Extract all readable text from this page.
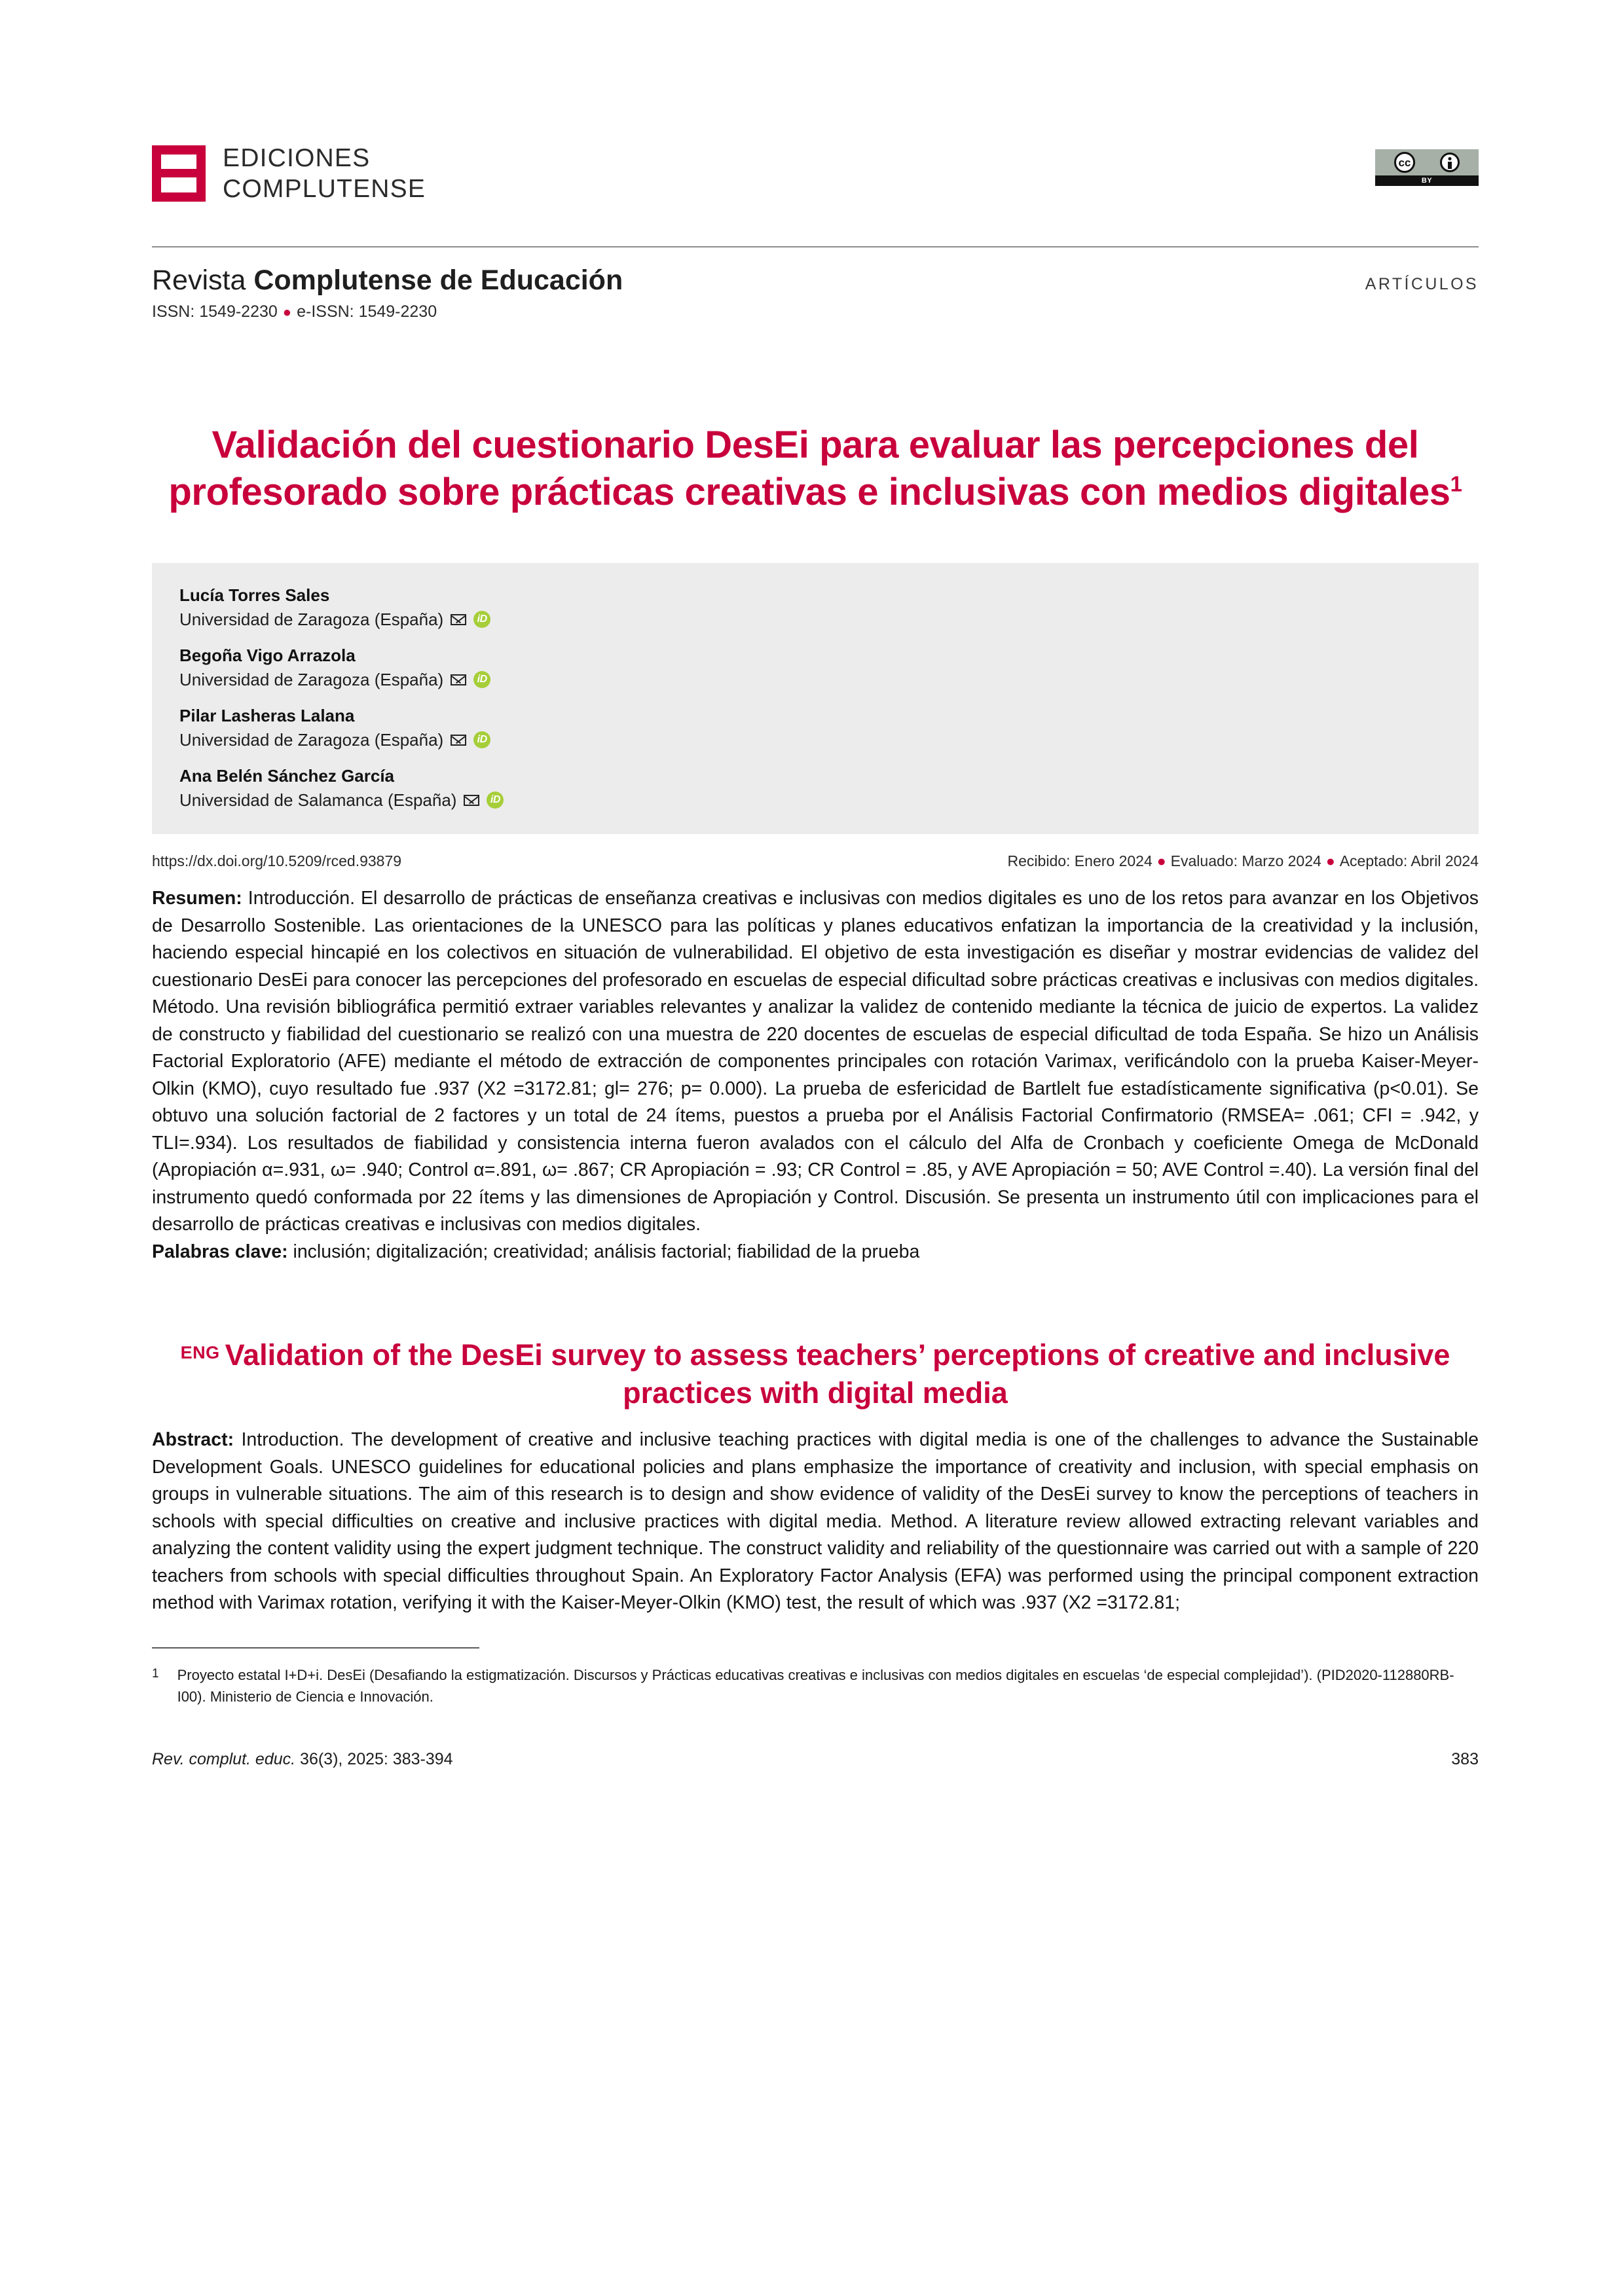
EDICIONES
COMPLUTENSE
cc
BY
Revista Complutense de Educación
ISSN: 1549-2230 ● e-ISSN: 1549-2230
ARTÍCULOS
Validación del cuestionario DesEi para evaluar las percepciones del profesorado sobre prácticas creativas e inclusivas con medios digitales$^1$
Lucía Torres Sales
Universidad de Zaragoza (España)	iD
Begoña Vigo Arrazola
Universidad de Zaragoza (España)	iD
Pilar Lasheras Lalana
Universidad de Zaragoza (España)	iD
Ana Belén Sánchez García
Universidad de Salamanca (España)	iD
https://dx.doi.org/10.5209/rced.93879	Recibido: Enero 2024 ● Evaluado: Marzo 2024 ● Aceptado: Abril 2024
Resumen: Introducción. El desarrollo de prácticas de enseñanza creativas e inclusivas con medios digitales es uno de los retos para avanzar en los Objetivos de Desarrollo Sostenible. Las orientaciones de la UNESCO para las políticas y planes educativos enfatizan la importancia de la creatividad y la inclusión, haciendo especial hincapié en los colectivos en situación de vulnerabilidad. El objetivo de esta investigación es diseñar y mostrar evidencias de validez del cuestionario DesEi para conocer las percepciones del profesorado en escuelas de especial dificultad sobre prácticas creativas e inclusivas con medios digitales. Método. Una revisión bibliográfica permitió extraer variables relevantes y analizar la validez de contenido mediante la técnica de juicio de expertos. La validez de constructo y fiabilidad del cuestionario se realizó con una muestra de 220 docentes de escuelas de especial dificultad de toda España. Se hizo un Análisis Factorial Exploratorio (AFE) mediante el método de extracción de componentes principales con rotación Varimax, verificándolo con la prueba Kaiser-Meyer-Olkin (KMO), cuyo resultado fue .937 (X2 =3172.81; gl= 276; p= 0.000). La prueba de esfericidad de Bartlelt fue estadísticamente significativa (p<0.01). Se obtuvo una solución factorial de 2 factores y un total de 24 ítems, puestos a prueba por el Análisis Factorial Confirmatorio (RMSEA= .061; CFI = .942, y TLI=.934). Los resultados de fiabilidad y consistencia interna fueron avalados con el cálculo del Alfa de Cronbach y coeficiente Omega de McDonald (Apropiación α=.931, ω= .940; Control α=.891, ω= .867; CR Apropiación = .93; CR Control = .85, y AVE Apropiación = 50; AVE Control =.40). La versión final del instrumento quedó conformada por 22 ítems y las dimensiones de Apropiación y Control. Discusión. Se presenta un instrumento útil con implicaciones para el desarrollo de prácticas creativas e inclusivas con medios digitales.
Palabras clave: inclusión; digitalización; creatividad; análisis factorial; fiabilidad de la prueba
ENG Validation of the DesEi survey to assess teachers’ perceptions of creative and inclusive practices with digital media
Abstract: Introduction. The development of creative and inclusive teaching practices with digital media is one of the challenges to advance the Sustainable Development Goals. UNESCO guidelines for educational policies and plans emphasize the importance of creativity and inclusion, with special emphasis on groups in vulnerable situations. The aim of this research is to design and show evidence of validity of the DesEi survey to know the perceptions of teachers in schools with special difficulties on creative and inclusive practices with digital media. Method. A literature review allowed extracting relevant variables and analyzing the content validity using the expert judgment technique. The construct validity and reliability of the questionnaire was carried out with a sample of 220 teachers from schools with special difficulties throughout Spain. An Exploratory Factor Analysis (EFA) was performed using the principal component extraction method with Varimax rotation, verifying it with the Kaiser-Meyer-Olkin (KMO) test, the result of which was .937 (X2 =3172.81;
1 Proyecto estatal I+D+i. DesEi (Desafiando la estigmatización. Discursos y Prácticas educativas creativas e inclusivas con medios digitales en escuelas ‘de especial complejidad’). (PID2020-112880RB-I00). Ministerio de Ciencia e Innovación.
Rev. complut. educ. 36(3), 2025: 383-394	383
